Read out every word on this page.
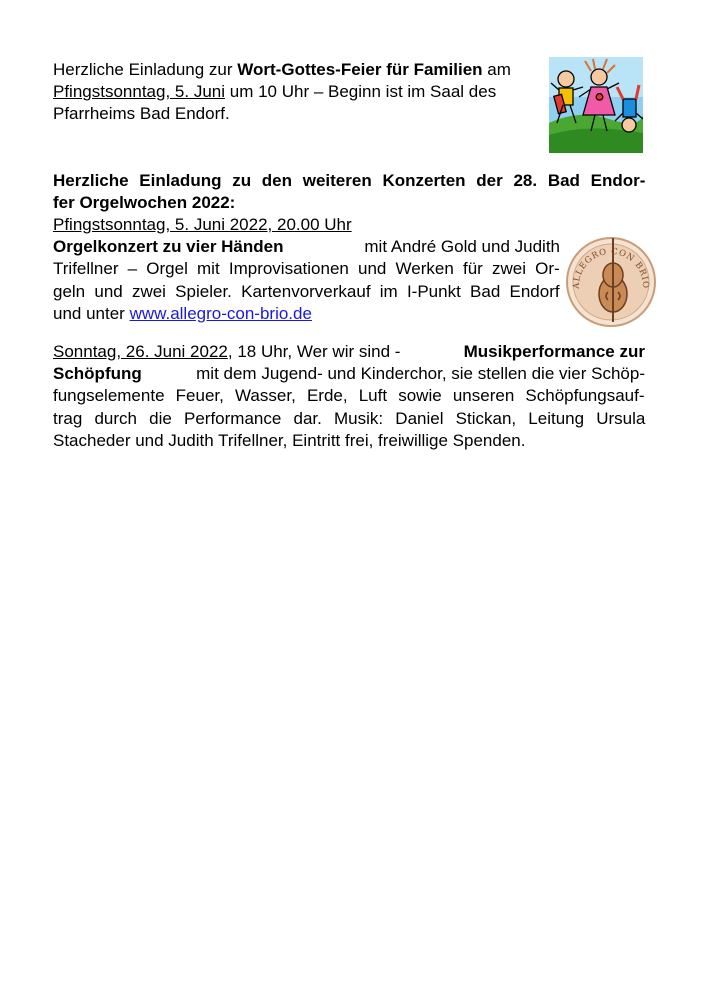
Herzliche Einladung zur Wort-Gottes-Feier für Familien am
Pfingstsonntag, 5. Juni um 10 Uhr – Beginn ist im Saal des
Pfarrheims Bad Endorf.
Herzliche Einladung zu den weiteren Konzerten der 28. Bad Endor-
fer Orgelwochen 2022:
Pfingstsonntag, 5. Juni 2022, 20.00 Uhr
Orgelkonzert zu vier Händen	mit André Gold und Judith
Trifellner – Orgel mit Improvisationen und Werken für zwei Or-
geln und zwei Spieler. Kartenvorverkauf im I-Punkt Bad Endorf
und unter www.allegro-con-brio.de
ALLEGRO CON BRIO
Sonntag, 26. Juni 2022, 18 Uhr, Wer wir sind -	Musikperformance zur
Schöpfung	mit dem Jugend- und Kinderchor, sie stellen die vier Schöp-
fungselemente Feuer, Wasser, Erde, Luft sowie unseren Schöpfungsauf-
trag durch die Performance dar. Musik: Daniel Stickan, Leitung Ursula
Stacheder und Judith Trifellner, Eintritt frei, freiwillige Spenden.
